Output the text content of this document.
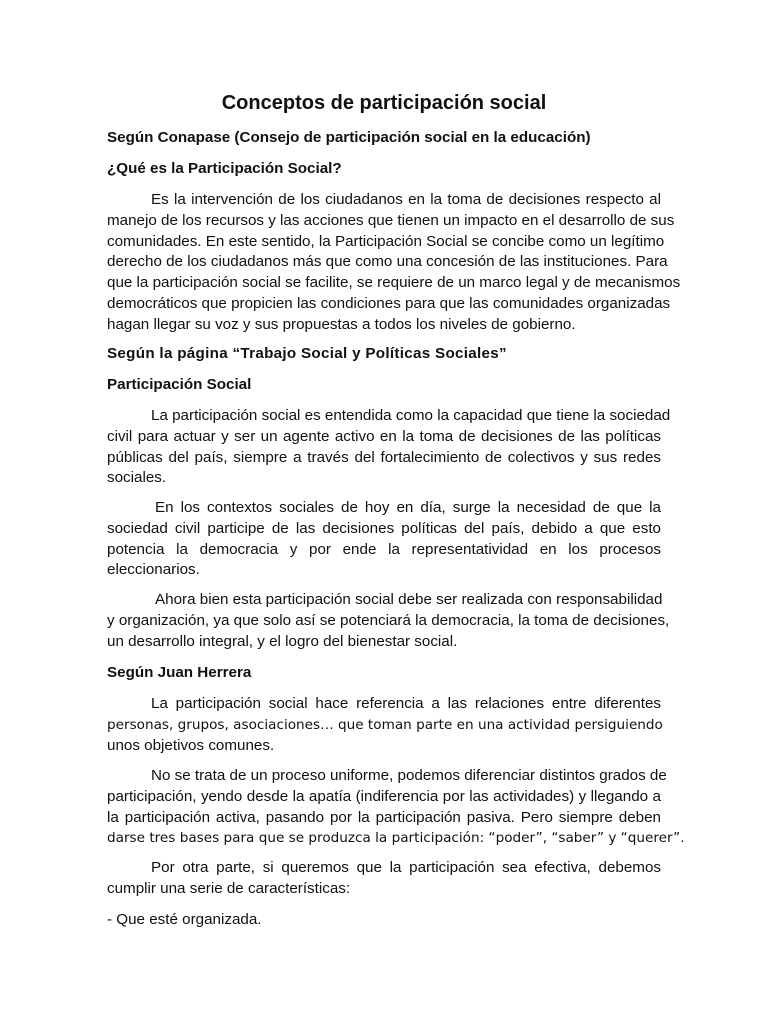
Conceptos de participación social

Según Conapase (Consejo de participación social en la educación)

¿Qué es la Participación Social?

Es la intervención de los ciudadanos en la toma de decisiones respecto al
manejo de los recursos y las acciones que tienen un impacto en el desarrollo de sus
comunidades. En este sentido, la Participación Social se concibe como un legítimo
derecho de los ciudadanos más que como una concesión de las instituciones. Para
que la participación social se facilite, se requiere de un marco legal y de mecanismos
democráticos que propicien las condiciones para que las comunidades organizadas
hagan llegar su voz y sus propuestas a todos los niveles de gobierno.

Según la página “Trabajo Social y Políticas Sociales”

Participación Social

La participación social es entendida como la capacidad que tiene la sociedad
civil para actuar y ser un agente activo en la toma de decisiones de las políticas
públicas del país, siempre a través del fortalecimiento de colectivos y sus redes
sociales.
En los contextos sociales de hoy en día, surge la necesidad de que la
sociedad civil participe de las decisiones políticas del país, debido a que esto
potencia la democracia y por ende la representatividad en los procesos
eleccionarios.
Ahora bien esta participación social debe ser realizada con responsabilidad
y organización, ya que solo así se potenciará la democracia, la toma de decisiones,
un desarrollo integral, y el logro del bienestar social.

Según Juan Herrera

La participación social hace referencia a las relaciones entre diferentes
personas, grupos, asociaciones… que toman parte en una actividad persiguiendo
unos objetivos comunes.
No se trata de un proceso uniforme, podemos diferenciar distintos grados de
participación, yendo desde la apatía (indiferencia por las actividades) y llegando a
la participación activa, pasando por la participación pasiva. Pero siempre deben
darse tres bases para que se produzca la participación: “poder”, “saber” y “querer”.
Por otra parte, si queremos que la participación sea efectiva, debemos
cumplir una serie de características:

- Que esté organizada.
